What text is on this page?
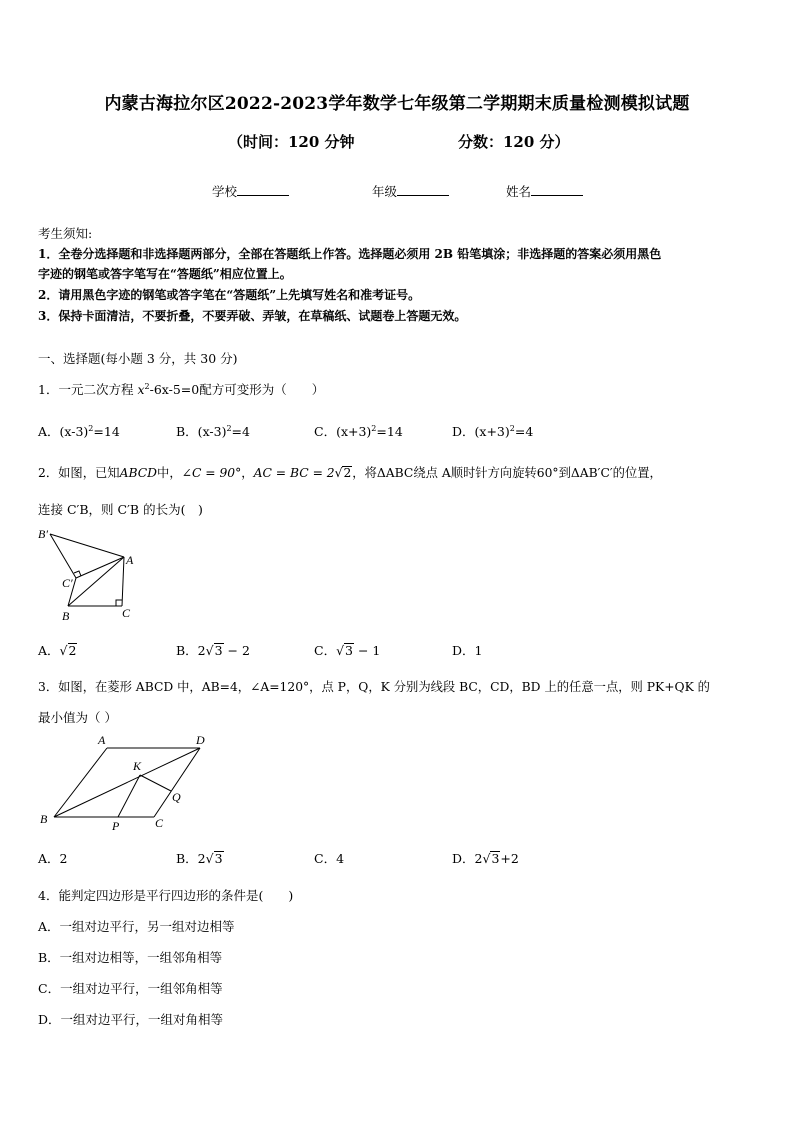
内蒙古海拉尔区2022-2023学年数学七年级第二学期期末质量检测模拟试题
（时间：120 分钟	分数：120 分）
学校	年级	姓名
考生须知:
1．全卷分选择题和非选择题两部分，全部在答题纸上作答。选择题必须用 2B 铅笔填涂；非选择题的答案必须用黑色
字迹的钢笔或答字笔写在“答题纸”相应位置上。
2．请用黑色字迹的钢笔或答字笔在“答题纸”上先填写姓名和准考证号。
3．保持卡面清洁，不要折叠，不要弄破、弄皱，在草稿纸、试题卷上答题无效。
一、选择题(每小题 3 分，共 30 分)
1．一元二次方程 $x^2-6x-5=0$配方可变形为（　　）
A．$(x-3)^2=14$	B．$(x-3)^2=4$	C．$(x+3)^2=14$	D．$(x+3)^2=4$
2．如图，已知ABCD中，∠C = 90°，AC = BC = 2√2，将ΔABC绕点 A顺时针方向旋转60°到ΔAB′C′的位置，
连接 C′B，则 C′B 的长为(　)
B′
A
C′
B	C
A．√2	B．2√3 − 2	C．√3 − 1	D．1
3．如图，在菱形 ABCD 中，AB=4，∠A=120°，点 P，Q，K 分别为线段 BC，CD，BD 上的任意一点，则 PK+QK 的
最小值为（ ）
A	D
K
Q
B	P	C
A．2	B．2√3	C．4	D．2√3+2
4．能判定四边形是平行四边形的条件是(　　)
A．一组对边平行，另一组对边相等
B．一组对边相等，一组邻角相等
C．一组对边平行，一组邻角相等
D．一组对边平行，一组对角相等
